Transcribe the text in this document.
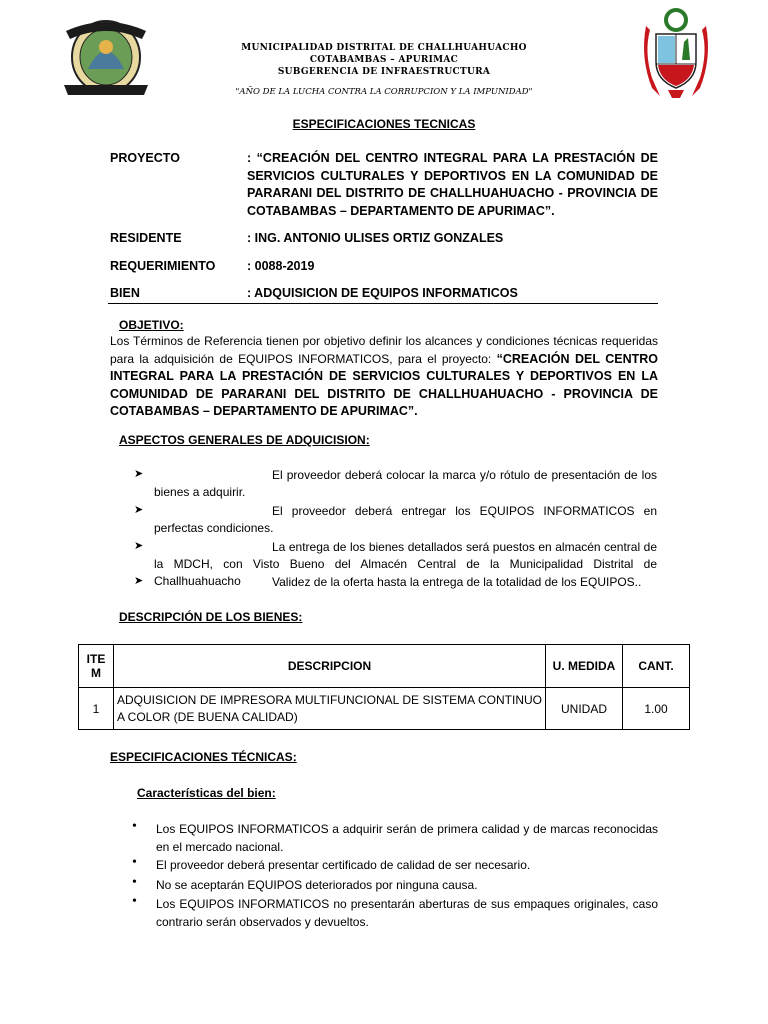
MUNICIPALIDAD DISTRITAL DE CHALLHUAHUACHO
COTABAMBAS – APURIMAC
SUBGERENCIA DE INFRAESTRUCTURA
"AÑO DE LA LUCHA CONTRA LA CORRUPCION Y LA IMPUNIDAD"
ESPECIFICACIONES TECNICAS
PROYECTO	: “CREACIÓN DEL CENTRO INTEGRAL PARA LA PRESTACIÓN DE SERVICIOS CULTURALES Y DEPORTIVOS EN LA COMUNIDAD DE PARARANI DEL DISTRITO DE CHALLHUAHUACHO - PROVINCIA DE COTABAMBAS – DEPARTAMENTO DE APURIMAC”.
RESIDENTE	: ING. ANTONIO ULISES ORTIZ GONZALES
REQUERIMIENTO	: 0088-2019
BIEN	: ADQUISICION DE EQUIPOS INFORMATICOS
OBJETIVO:
Los Términos de Referencia tienen por objetivo definir los alcances y condiciones técnicas requeridas para la adquisición de EQUIPOS INFORMATICOS, para el proyecto: “CREACIÓN DEL CENTRO INTEGRAL PARA LA PRESTACIÓN DE SERVICIOS CULTURALES Y DEPORTIVOS EN LA COMUNIDAD DE PARARANI DEL DISTRITO DE CHALLHUAHUACHO - PROVINCIA DE COTABAMBAS – DEPARTAMENTO DE APURIMAC”.
ASPECTOS GENERALES DE ADQUICISION:
➤	El proveedor deberá colocar la marca y/o rótulo de presentación de los bienes a adquirir.
➤	El proveedor deberá entregar los EQUIPOS INFORMATICOS en perfectas condiciones.
➤	La entrega de los bienes detallados será puestos en almacén central de la MDCH, con Visto Bueno del Almacén Central de la Municipalidad Distrital de Challhuahuacho
➤	Validez de la oferta hasta la entrega de la totalidad de los EQUIPOS..
DESCRIPCIÓN DE LOS BIENES:
ITE M	DESCRIPCION	U. MEDIDA	CANT.
1	ADQUISICION DE IMPRESORA MULTIFUNCIONAL DE SISTEMA CONTINUO A COLOR (DE BUENA CALIDAD)	UNIDAD	1.00
ESPECIFICACIONES TÉCNICAS:
Características del bien:
• Los EQUIPOS INFORMATICOS a adquirir serán de primera calidad y de marcas reconocidas en el mercado nacional.
• El proveedor deberá presentar certificado de calidad de ser necesario.
• No se aceptarán EQUIPOS deteriorados por ninguna causa.
• Los EQUIPOS INFORMATICOS no presentarán aberturas de sus empaques originales, caso contrario serán observados y devueltos.
